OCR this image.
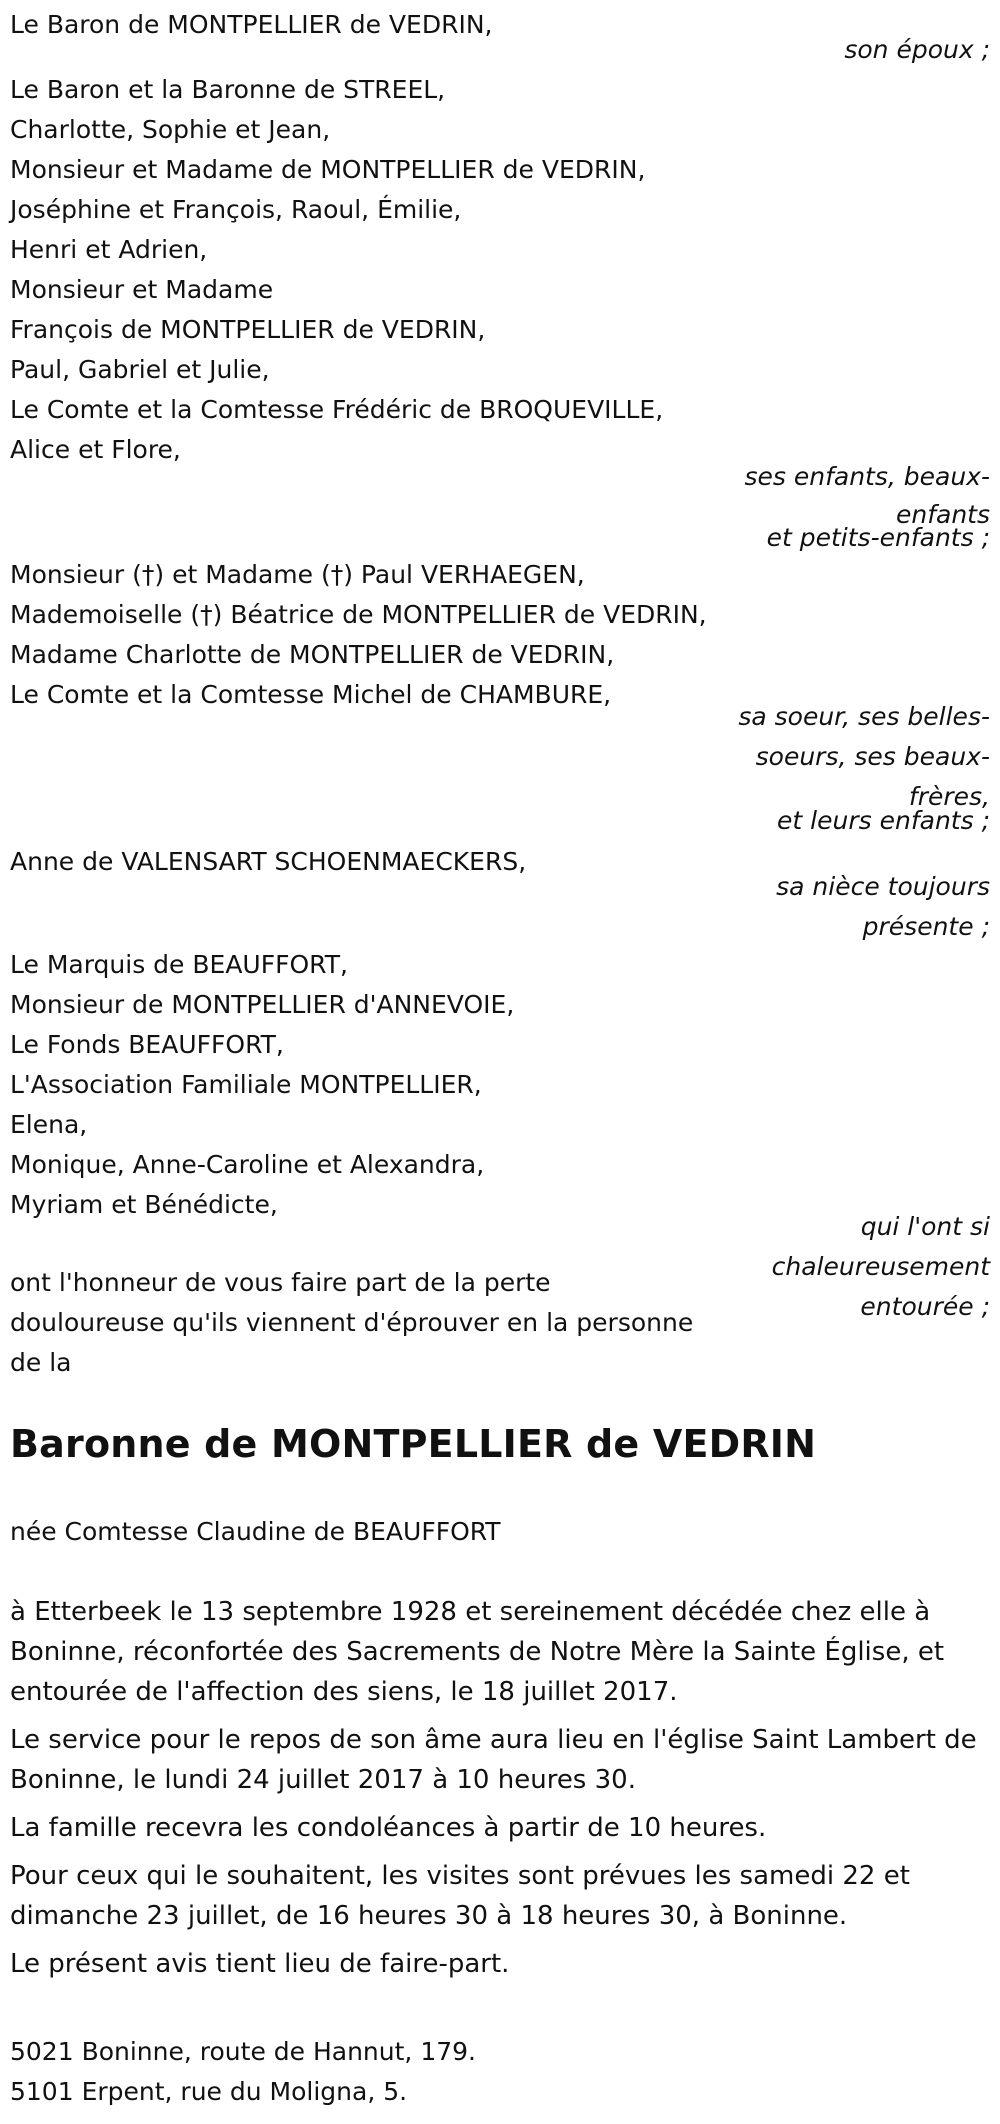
Le Baron de MONTPELLIER de VEDRIN,
son époux ;
Le Baron et la Baronne de STREEL,
Charlotte, Sophie et Jean,
Monsieur et Madame de MONTPELLIER de VEDRIN,
Joséphine et François, Raoul, Émilie,
Henri et Adrien,
Monsieur et Madame
François de MONTPELLIER de VEDRIN,
Paul, Gabriel et Julie,
Le Comte et la Comtesse Frédéric de BROQUEVILLE,
Alice et Flore,
ses enfants, beaux-
enfants
et petits-enfants ;
Monsieur (†) et Madame (†) Paul VERHAEGEN,
Mademoiselle (†) Béatrice de MONTPELLIER de VEDRIN,
Madame Charlotte de MONTPELLIER de VEDRIN,
Le Comte et la Comtesse Michel de CHAMBURE,
sa soeur, ses belles-
soeurs, ses beaux-
frères,
et leurs enfants ;
Anne de VALENSART SCHOENMAECKERS,
sa nièce toujours
présente ;
Le Marquis de BEAUFFORT,
Monsieur de MONTPELLIER d'ANNEVOIE,
Le Fonds BEAUFFORT,
L'Association Familiale MONTPELLIER,
Elena,
Monique, Anne-Caroline et Alexandra,
Myriam et Bénédicte,
qui l'ont si
chaleureusement
entourée ;
ont l'honneur de vous faire part de la perte
douloureuse qu'ils viennent d'éprouver en la personne
de la
Baronne de MONTPELLIER de VEDRIN
née Comtesse Claudine de BEAUFFORT
à Etterbeek le 13 septembre 1928 et sereinement décédée chez elle à Boninne, réconfortée des Sacrements de Notre Mère la Sainte Église, et entourée de l'affection des siens, le 18 juillet 2017.
Le service pour le repos de son âme aura lieu en l'église Saint Lambert de Boninne, le lundi 24 juillet 2017 à 10 heures 30.
La famille recevra les condoléances à partir de 10 heures.
Pour ceux qui le souhaitent, les visites sont prévues les samedi 22 et dimanche 23 juillet, de 16 heures 30 à 18 heures 30, à Boninne.
Le présent avis tient lieu de faire-part.
5021 Boninne, route de Hannut, 179.
5101 Erpent, rue du Moligna, 5.
